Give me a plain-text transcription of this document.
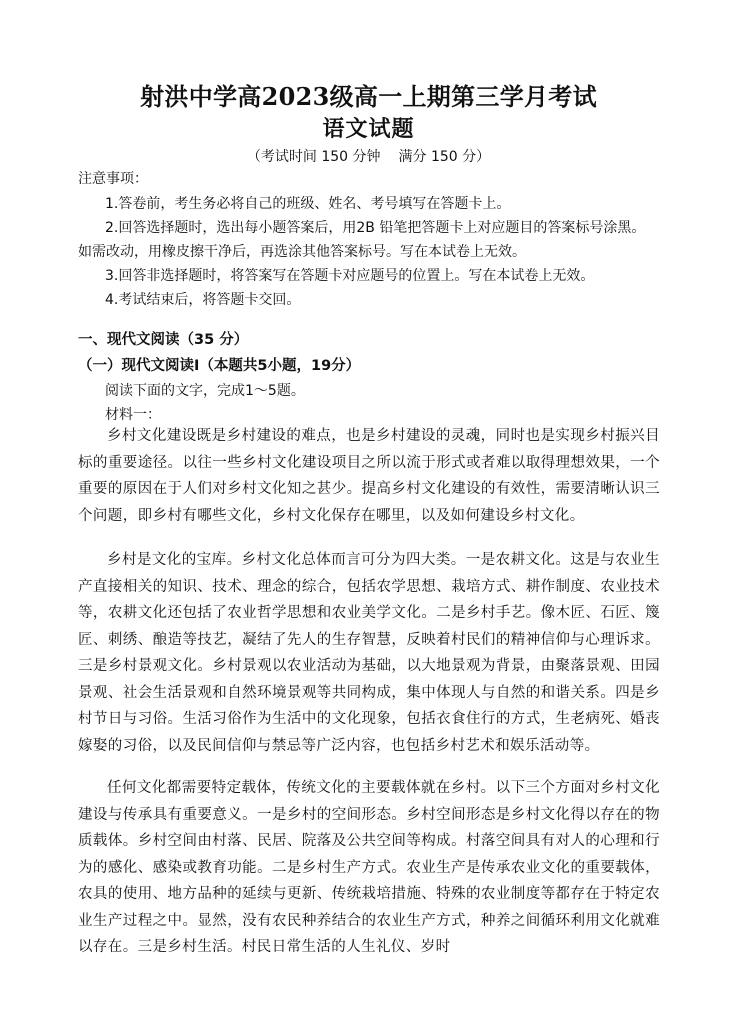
射洪中学高2023级高一上期第三学月考试
语文试题
（考试时间 150 分钟 满分 150 分）
注意事项：
1.答卷前，考生务必将自己的班级、姓名、考号填写在答题卡上。
2.回答选择题时，选出每小题答案后，用2B 铅笔把答题卡上对应题目的答案标号涂黑。
如需改动，用橡皮擦干净后，再选涂其他答案标号。写在本试卷上无效。
3.回答非选择题时，将答案写在答题卡对应题号的位置上。写在本试卷上无效。
4.考试结束后，将答题卡交回。
一、现代文阅读（35 分）
（一）现代文阅读Ⅰ（本题共5小题，19分）
阅读下面的文字，完成1～5题。
材料一：
乡村文化建设既是乡村建设的难点，也是乡村建设的灵魂，同时也是实现乡村振兴目标的重要途径。以往一些乡村文化建设项目之所以流于形式或者难以取得理想效果，一个重要的原因在于人们对乡村文化知之甚少。提高乡村文化建设的有效性，需要清晰认识三个问题，即乡村有哪些文化，乡村文化保存在哪里，以及如何建设乡村文化。
乡村是文化的宝库。乡村文化总体而言可分为四大类。一是农耕文化。这是与农业生产直接相关的知识、技术、理念的综合，包括农学思想、栽培方式、耕作制度、农业技术等，农耕文化还包括了农业哲学思想和农业美学文化。二是乡村手艺。像木匠、石匠、篾匠、刺绣、酿造等技艺，凝结了先人的生存智慧，反映着村民们的精神信仰与心理诉求。三是乡村景观文化。乡村景观以农业活动为基础，以大地景观为背景，由聚落景观、田园景观、社会生活景观和自然环境景观等共同构成，集中体现人与自然的和谐关系。四是乡村节日与习俗。生活习俗作为生活中的文化现象，包括衣食住行的方式，生老病死、婚丧嫁娶的习俗，以及民间信仰与禁忌等广泛内容，也包括乡村艺术和娱乐活动等。
任何文化都需要特定载体，传统文化的主要载体就在乡村。以下三个方面对乡村文化建设与传承具有重要意义。一是乡村的空间形态。乡村空间形态是乡村文化得以存在的物质载体。乡村空间由村落、民居、院落及公共空间等构成。村落空间具有对人的心理和行为的感化、感染或教育功能。二是乡村生产方式。农业生产是传承农业文化的重要载体，农具的使用、地方品种的延续与更新、传统栽培措施、特殊的农业制度等都存在于特定农业生产过程之中。显然，没有农民种养结合的农业生产方式，种养之间循环利用文化就难以存在。三是乡村生活。村民日常生活的人生礼仪、岁时
